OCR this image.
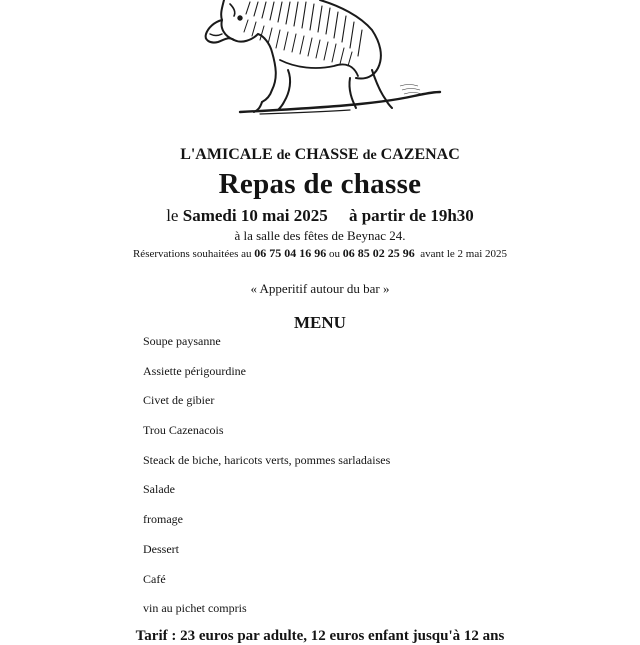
L'AMICALE de CHASSE de CAZENAC
Repas de chasse
le Samedi 10 mai 2025 à partir de 19h30
à la salle des fêtes de Beynac 24.
Réservations souhaitées au 06 75 04 16 96 ou 06 85 02 25 96 avant le 2 mai 2025
« Apperitif autour du bar »
MENU
Soupe paysanne
Assiette périgourdine
Civet de gibier
Trou Cazenacois
Steack de biche, haricots verts, pommes sarladaises
Salade
fromage
Dessert
Café
vin au pichet compris
Tarif : 23 euros par adulte, 12 euros enfant jusqu'à 12 ans
